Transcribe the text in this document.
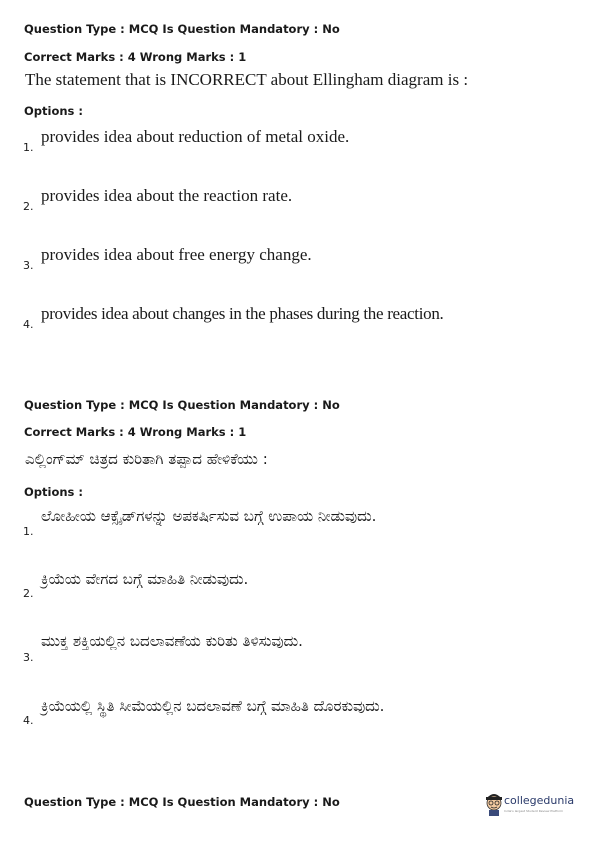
Question Type : MCQ Is Question Mandatory : No
Correct Marks : 4 Wrong Marks : 1
The statement that is INCORRECT about Ellingham diagram is :
Options :
provides idea about reduction of metal oxide.
1.
provides idea about the reaction rate.
2.
provides idea about free energy change.
3.
provides idea about changes in the phases during the reaction.
4.
Question Type : MCQ Is Question Mandatory : No
Correct Marks : 4 Wrong Marks : 1
ಎಲ್ಲಿಂಗ್‌ಮ್ ಚಿತ್ರದ ಕುರಿತಾಗಿ ತಪ್ಪಾದ ಹೇಳಿಕೆಯು :
Options :
ಲೋಹೀಯ ಆಕ್ಸೈಡ್‌ಗಳನ್ನು ಅಪಕರ್ಷಿಸುವ ಬಗ್ಗೆ ಉಪಾಯ ನೀಡುವುದು.
1.
ಕ್ರಿಯೆಯ ವೇಗದ ಬಗ್ಗೆ ಮಾಹಿತಿ ನೀಡುವುದು.
2.
ಮುಕ್ತ ಶಕ್ತಿಯಲ್ಲಿನ ಬದಲಾವಣೆಯ ಕುರಿತು ತಿಳಿಸುವುದು.
3.
ಕ್ರಿಯೆಯಲ್ಲಿ ಸ್ಥಿತಿ ಸೀಮೆಯಲ್ಲಿನ ಬದಲಾವಣೆ ಬಗ್ಗೆ ಮಾಹಿತಿ ದೊರಕುವುದು.
4.
Question Type : MCQ Is Question Mandatory : No	collegedunia
India's largest Student Review Platform
